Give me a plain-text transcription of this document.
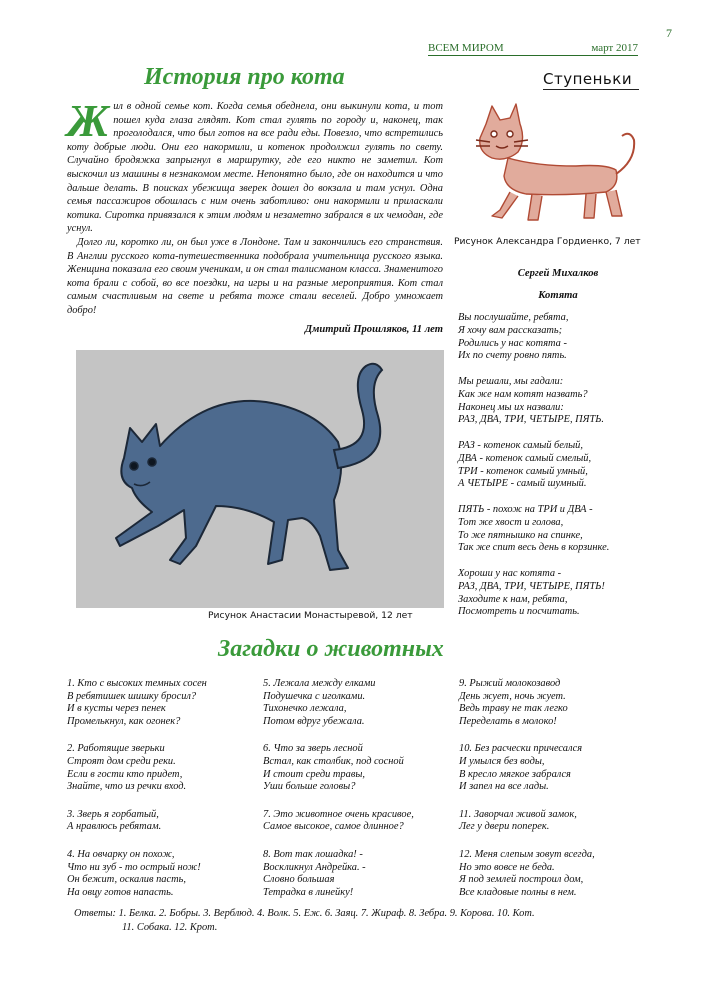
7
ВСЕМ МИРОМ	март 2017
История про кота	Ступеньки

Жил в одной семье кот. Когда семья обеднела, они выкинули кота, и тот пошел куда глаза глядят. Кот стал гулять по городу и, наконец, так проголодался, что был готов на все ради еды. Повезло, что встретились коту добрые люди. Они его накормили, и котенок продолжил гулять по свету. Случайно бродяжка запрыгнул в маршрутку, где его никто не заметил. Кот выскочил из машины в незнакомом месте. Непонятно было, где он находится и что дальше делать. В поисках убежища зверек дошел до вокзала и там уснул. Одна семья пассажиров обошлась с ним очень заботливо: они накормили и приласкали котика. Сиротка привязался к этим людям и незаметно забрался в их чемодан, где уснул.

Долго ли, коротко ли, он был уже в Лондоне. Там и закончились его странствия. В Англии русского кота-путешественника подобрала учительница русского языка. Женщина показала его своим ученикам, и он стал талисманом класса. Знаменитого кота брали с собой, во все поездки, на игры и на разные мероприятия. Кот стал самым счастливым на свете и ребята тоже стали веселей. Добро умножает добро!

Дмитрий Прошляков, 11 лет
Рисунок Александра Гордиенко, 7 лет
Рисунок Анастасии Монастыревой, 12 лет
Сергей Михалков
Котята
Вы послушайте, ребята,
Я хочу вам рассказать;
Родились у нас котята -
Их по счету ровно пять.
Мы решали, мы гадали:
Как же нам котят назвать?
Наконец мы их назвали:
РАЗ, ДВА, ТРИ, ЧЕТЫРЕ, ПЯТЬ.
РАЗ - котенок самый белый,
ДВА - котенок самый смелый,
ТРИ - котенок самый умный,
А ЧЕТЫРЕ - самый шумный.
ПЯТЬ - похож на ТРИ и ДВА -
Тот же хвост и голова,
То же пятнышко на спинке,
Так же спит весь день в корзинке.
Хороши у нас котята -
РАЗ, ДВА, ТРИ, ЧЕТЫРЕ, ПЯТЬ!
Заходите к нам, ребята,
Посмотреть и посчитать.
Загадки о животных
1. Кто с высоких темных сосен
В ребятишек шишку бросил?
И в кусты через пенек
Промелькнул, как огонек?
2. Работящие зверьки
Строят дом среди реки.
Если в гости кто придет,
Знайте, что из речки вход.
3. Зверь я горбатый,
А нравлюсь ребятам.
4. На овчарку он похож,
Что ни зуб - то острый нож!
Он бежит, оскалив пасть,
На овцу готов напасть.
5. Лежала между елками
Подушечка с иголками.
Тихонечко лежала,
Потом вдруг убежала.
6. Что за зверь лесной
Встал, как столбик, под сосной
И стоит среди травы,
Уши больше головы?
7. Это животное очень красивое,
Самое высокое, самое длинное?
8. Вот так лошадка! -
Воскликнул Андрейка. -
Словно большая
Тетрадка в линейку!
9. Рыжий молокозавод
День жует, ночь жует.
Ведь траву не так легко
Переделать в молоко!
10. Без расчески причесался
И умылся без воды,
В кресло мягкое забрался
И запел на все лады.
11. Заворчал живой замок,
Лег у двери поперек.
12. Меня слепым зовут всегда,
Но это вовсе не беда.
Я под землей построил дом,
Все кладовые полны в нем.
Ответы: 1. Белка. 2. Бобры. 3. Верблюд. 4. Волк. 5. Еж. 6. Заяц. 7. Жираф. 8. Зебра. 9. Корова. 10. Кот.
11. Собака. 12. Крот.
